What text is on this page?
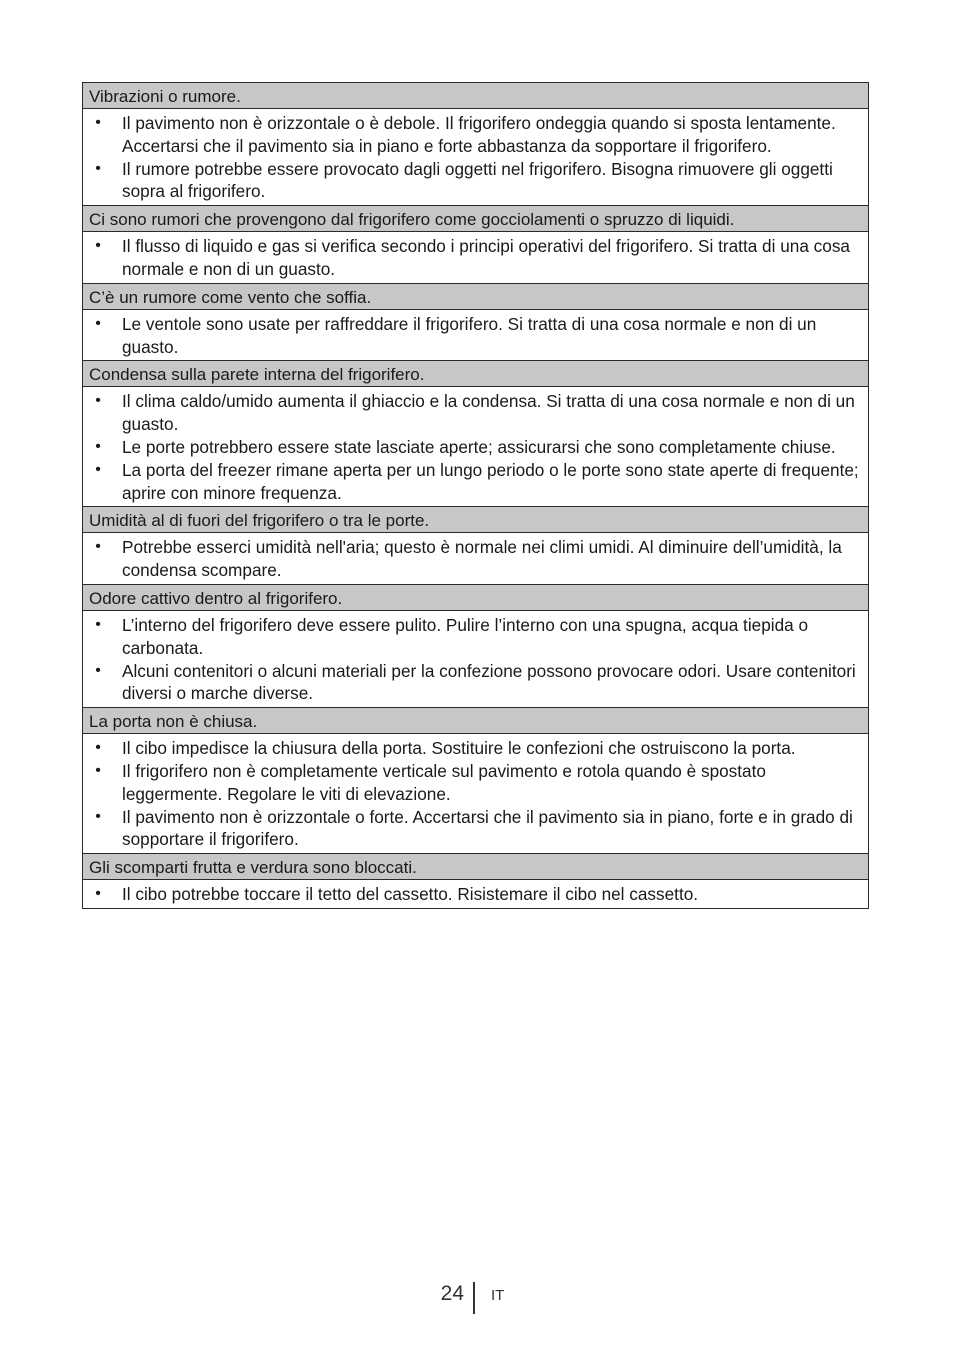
Vibrazioni o rumore.

• Il pavimento non è orizzontale o è debole. Il frigorifero ondeggia quando si sposta lentamente. Accertarsi che il pavimento sia in piano e forte abbastanza da sopportare il frigorifero.
• Il rumore potrebbe essere provocato dagli oggetti nel frigorifero. Bisogna rimuovere gli oggetti sopra al frigorifero.

Ci sono rumori che provengono dal frigorifero come gocciolamenti o spruzzo di liquidi.

• Il flusso di liquido e gas si verifica secondo i principi operativi del frigorifero. Si tratta di una cosa normale e non di un guasto.

C’è un rumore come vento che soffia.

• Le ventole sono usate per raffreddare il frigorifero. Si tratta di una cosa normale e non di un guasto.

Condensa sulla parete interna del frigorifero.

• Il clima caldo/umido aumenta il ghiaccio e la condensa. Si tratta di una cosa normale e non di un guasto.
• Le porte potrebbero essere state lasciate aperte; assicurarsi che sono completamente chiuse.
• La porta del freezer rimane aperta per un lungo periodo o le porte sono state aperte di frequente; aprire con minore frequenza.

Umidità al di fuori del frigorifero o tra le porte.

• Potrebbe esserci umidità nell'aria; questo è normale nei climi umidi. Al diminuire dell’umidità, la condensa scompare.

Odore cattivo dentro al frigorifero.

• L’interno del frigorifero deve essere pulito. Pulire l’interno con una spugna, acqua tiepida o carbonata.
• Alcuni contenitori o alcuni materiali per la confezione possono provocare odori. Usare contenitori diversi o marche diverse.

La porta non è chiusa.

• Il cibo impedisce la chiusura della porta. Sostituire le confezioni che ostruiscono la porta.
• Il frigorifero non è completamente verticale sul pavimento e rotola quando è spostato leggermente. Regolare le viti di elevazione.
• Il pavimento non è orizzontale o forte. Accertarsi che il pavimento sia in piano, forte e in grado di sopportare il frigorifero.

Gli scomparti frutta e verdura sono bloccati.

• Il cibo potrebbe toccare il tetto del cassetto. Risistemare il cibo nel cassetto.
24 IT
